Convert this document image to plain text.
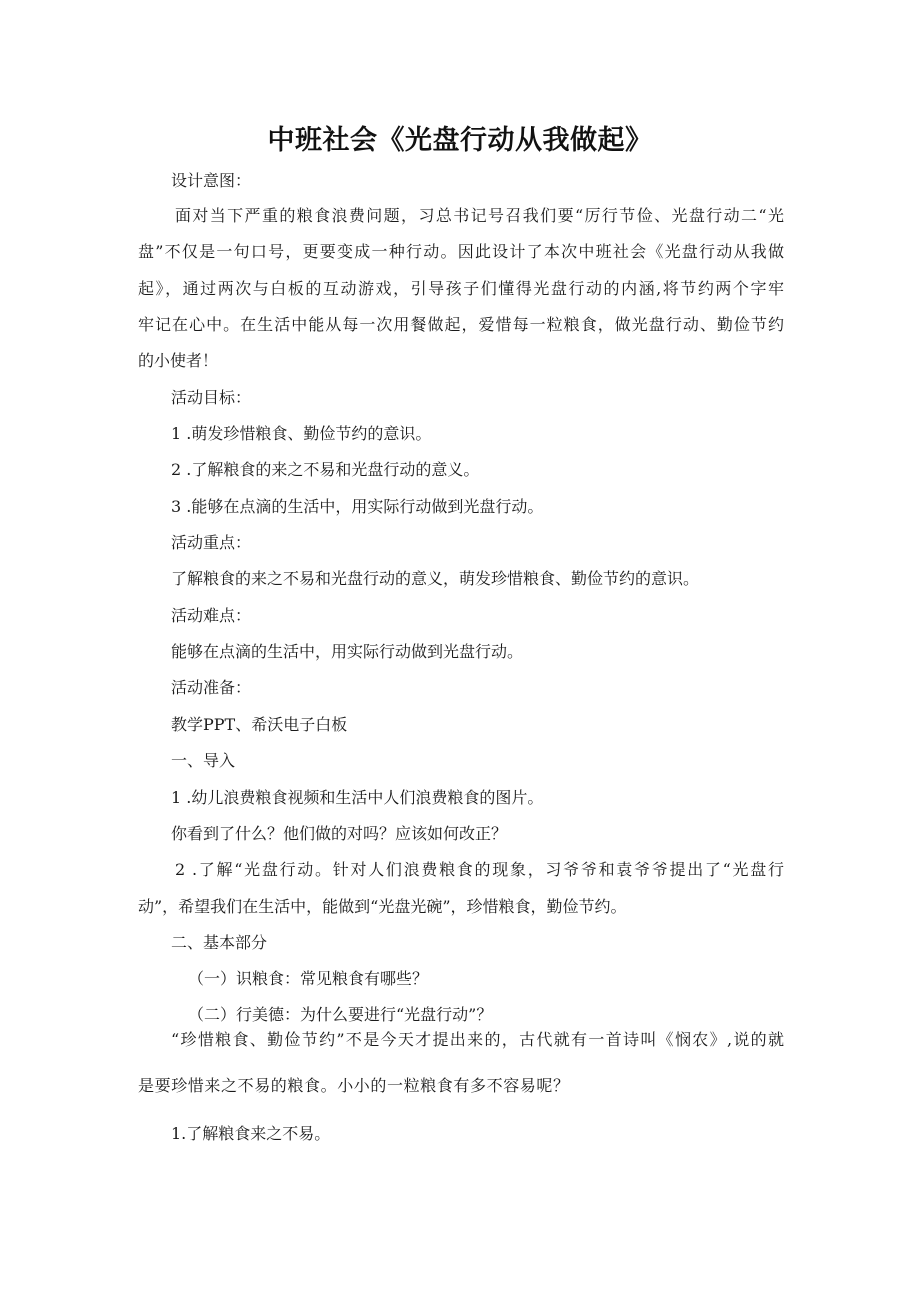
中班社会《光盘行动从我做起》
设计意图：
面对当下严重的粮食浪费问题，习总书记号召我们要“厉行节俭、光盘行动二“光
盘”不仅是一句口号，更要变成一种行动。因此设计了本次中班社会《光盘行动从我做
起》，通过两次与白板的互动游戏，引导孩子们懂得光盘行动的内涵,将节约两个字牢
牢记在心中。在生活中能从每一次用餐做起，爱惜每一粒粮食，做光盘行动、勤俭节约
的小使者！
活动目标：
1 .萌发珍惜粮食、勤俭节约的意识。
2 .了解粮食的来之不易和光盘行动的意义。
3 .能够在点滴的生活中，用实际行动做到光盘行动。
活动重点：
了解粮食的来之不易和光盘行动的意义，萌发珍惜粮食、勤俭节约的意识。
活动难点：
能够在点滴的生活中，用实际行动做到光盘行动。
活动准备：
教学PPT、希沃电子白板
一、导入
1 .幼儿浪费粮食视频和生活中人们浪费粮食的图片。
你看到了什么？他们做的对吗？应该如何改正？
2 .了解“光盘行动。针对人们浪费粮食的现象，习爷爷和袁爷爷提出了“光盘行
动”，希望我们在生活中，能做到“光盘光碗”，珍惜粮食，勤俭节约。
二、基本部分
（一）识粮食：常见粮食有哪些？
（二）行美德：为什么要进行“光盘行动”？
“珍惜粮食、勤俭节约”不是今天才提出来的，古代就有一首诗叫《悯农》,说的就
是要珍惜来之不易的粮食。小小的一粒粮食有多不容易呢？
1.了解粮食来之不易。
